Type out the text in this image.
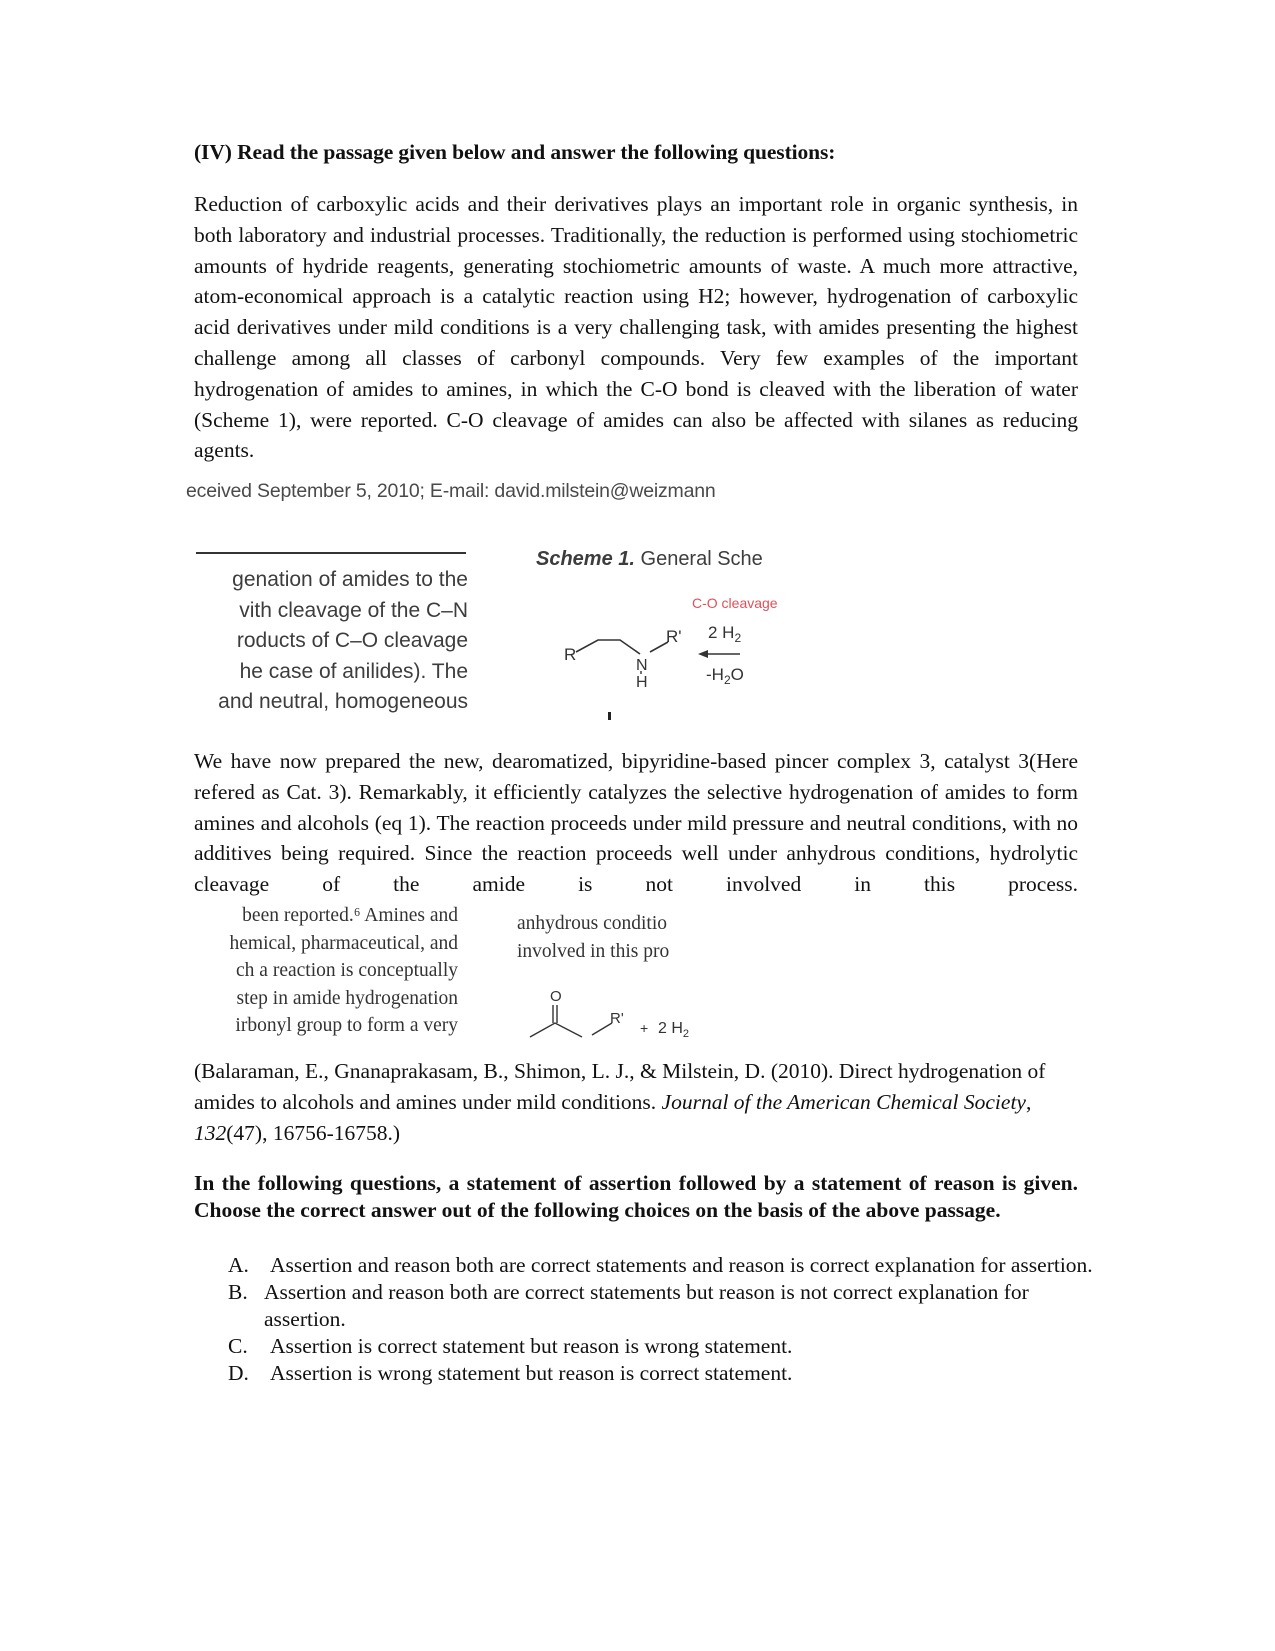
(IV) Read the passage given below and answer the following questions:
Reduction of carboxylic acids and their derivatives plays an important role in organic synthesis, in both laboratory and industrial processes. Traditionally, the reduction is performed using stochiometric amounts of hydride reagents, generating stochiometric amounts of waste. A much more attractive, atom-economical approach is a catalytic reaction using H2; however, hydrogenation of carboxylic acid derivatives under mild conditions is a very challenging task, with amides presenting the highest challenge among all classes of carbonyl compounds. Very few examples of the important hydrogenation of amides to amines, in which the C-O bond is cleaved with the liberation of water (Scheme 1), were reported. C-O cleavage of amides can also be affected with silanes as reducing agents.
eceived September 5, 2010; E-mail: david.milstein@weizmann
genation of amides to the
vith cleavage of the C–N
roducts of C–O cleavage
he case of anilides). The
and neutral, homogeneous
Scheme 1. General Sche
C-O cleavage
R
N
H
R' 2 $H_2$
$-H_2O$
We have now prepared the new, dearomatized, bipyridine-based pincer complex 3, catalyst 3(Here refered as Cat. 3). Remarkably, it efficiently catalyzes the selective hydrogenation of amides to form amines and alcohols (eq 1). The reaction proceeds under mild pressure and neutral conditions, with no additives being required. Since the reaction proceeds well under anhydrous conditions, hydrolytic cleavage of the amide is not involved in this process.
been reported.⁶ Amines and
hemical, pharmaceutical, and
ch a reaction is conceptually
step in amide hydrogenation
irbonyl group to form a very
anhydrous conditio
involved in this pro
O
R'
+ 2 $H_2$
(Balaraman, E., Gnanaprakasam, B., Shimon, L. J., & Milstein, D. (2010). Direct hydrogenation of amides to alcohols and amines under mild conditions. Journal of the American Chemical Society, 132(47), 16756-16758.)
In the following questions, a statement of assertion followed by a statement of reason is given. Choose the correct answer out of the following choices on the basis of the above passage.
A. Assertion and reason both are correct statements and reason is correct explanation for assertion.
B. Assertion and reason both are correct statements but reason is not correct explanation for assertion.
C. Assertion is correct statement but reason is wrong statement.
D. Assertion is wrong statement but reason is correct statement.
